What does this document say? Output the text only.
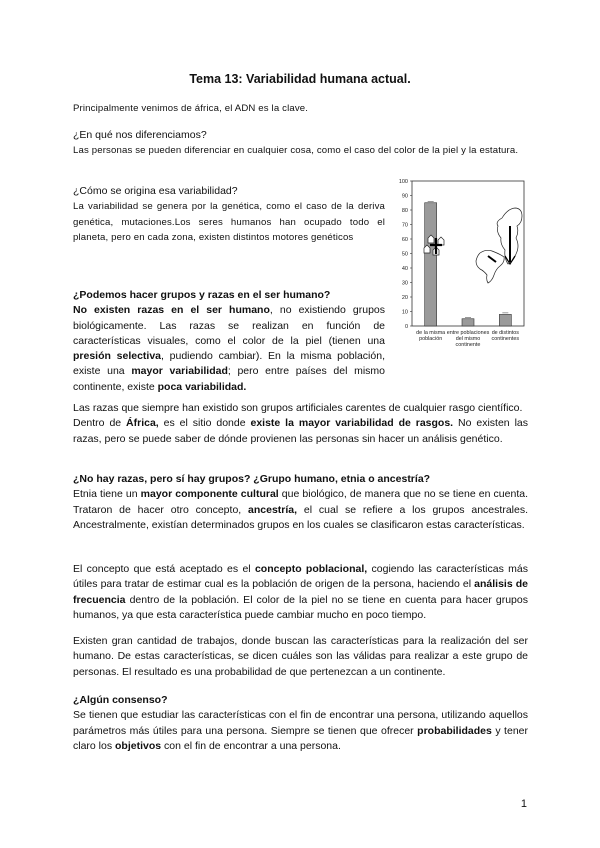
Tema 13: Variabilidad humana actual.
Principalmente venimos de áfrica, el ADN es la clave.
¿En qué nos diferenciamos?
Las personas se pueden diferenciar en cualquier cosa, como el caso del color de la piel y la estatura.
¿Cómo se origina esa variabilidad?
La variabilidad se genera por la genética, como el caso de la deriva genética, mutaciones.Los seres humanos han ocupado todo el planeta, pero en cada zona, existen distintos motores genéticos
0
10
20
30
40
50
60
70
80
90
100
de la misma población
entre poblaciones del mismo continente
de distintos continentes
¿Podemos hacer grupos y razas en el ser humano?
No existen razas en el ser humano, no existiendo grupos biológicamente. Las razas se realizan en función de características visuales, como el color de la piel (tienen una presión selectiva, pudiendo cambiar). En la misma población, existe una mayor variabilidad; pero entre países del mismo continente, existe poca variabilidad.
Las razas que siempre han existido son grupos artificiales carentes de cualquier rasgo científico.
Dentro de África, es el sitio donde existe la mayor variabilidad de rasgos. No existen las razas, pero se puede saber de dónde provienen las personas sin hacer un análisis genético.
¿No hay razas, pero sí hay grupos? ¿Grupo humano, etnia o ancestría?
Etnia tiene un mayor componente cultural que biológico, de manera que no se tiene en cuenta. Trataron de hacer otro concepto, ancestría, el cual se refiere a los grupos ancestrales. Ancestralmente, existían determinados grupos en los cuales se clasificaron estas características.
El concepto que está aceptado es el concepto poblacional, cogiendo las características más útiles para tratar de estimar cual es la población de origen de la persona, haciendo el análisis de frecuencia dentro de la población. El color de la piel no se tiene en cuenta para hacer grupos humanos, ya que esta característica puede cambiar mucho en poco tiempo.
Existen gran cantidad de trabajos, donde buscan las características para la realización del ser humano. De estas características, se dicen cuáles son las válidas para realizar a este grupo de personas. El resultado es una probabilidad de que pertenezcan a un continente.
¿Algún consenso?
Se tienen que estudiar las características con el fin de encontrar una persona, utilizando aquellos parámetros más útiles para una persona. Siempre se tienen que ofrecer probabilidades y tener claro los objetivos con el fin de encontrar a una persona.
1
